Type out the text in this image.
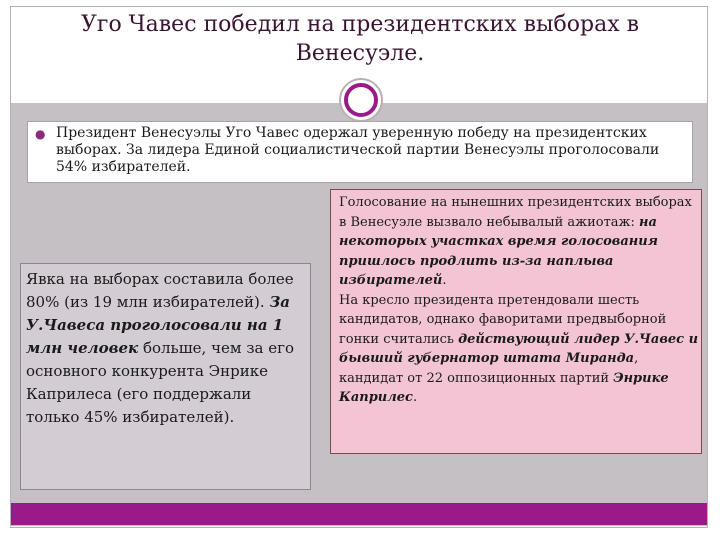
Уго Чавес победил на президентских выборах в
Венесуэле.
● Президент Венесуэлы Уго Чавес одержал уверенную победу на президентских выборах. За лидера Единой социалистической партии Венесуэлы проголосовали 54% избирателей.
Явка на выборах составила более 80% (из 19 млн избирателей). За У.Чавеса проголосовали на 1 млн человек больше, чем за его основного конкурента Энрике Каприлеса (его поддержали только 45% избирателей).
Голосование на нынешних президентских выборах в Венесуэле вызвало небывалый ажиотаж: на некоторых участках время голосования пришлось продлить из-за наплыва избирателей.
На кресло президента претендовали шесть кандидатов, однако фаворитами предвыборной гонки считались действующий лидер У.Чавес и бывший губернатор штата Миранда, кандидат от 22 оппозиционных партий Энрике Каприлес.
